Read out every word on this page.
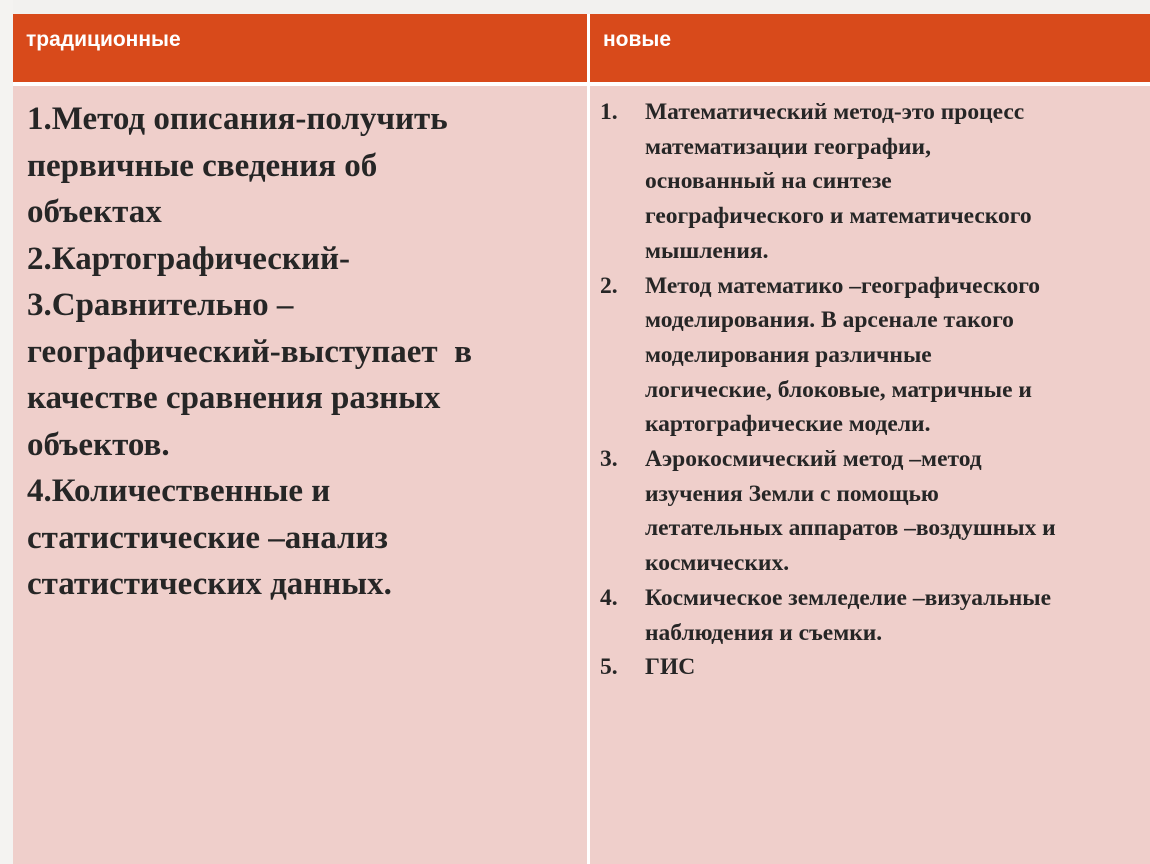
традиционные	новые
1.Метод описания-получить
первичные сведения об
объектах
2.Картографический-
3.Сравнительно –
географический-выступает  в
качестве сравнения разных
объектов.
4.Количественные и
статистические –анализ
статистических данных.
1. Математический метод-это процесс
математизации географии,
основанный на синтезе
географического и математического
мышления.
2. Метод математико –географического
моделирования. В арсенале такого
моделирования различные
логические, блоковые, матричные и
картографические модели.
3. Аэрокосмический метод –метод
изучения Земли с помощью
летательных аппаратов –воздушных и
космических.
4. Космическое земледелие –визуальные
наблюдения и съемки.
5. ГИС
